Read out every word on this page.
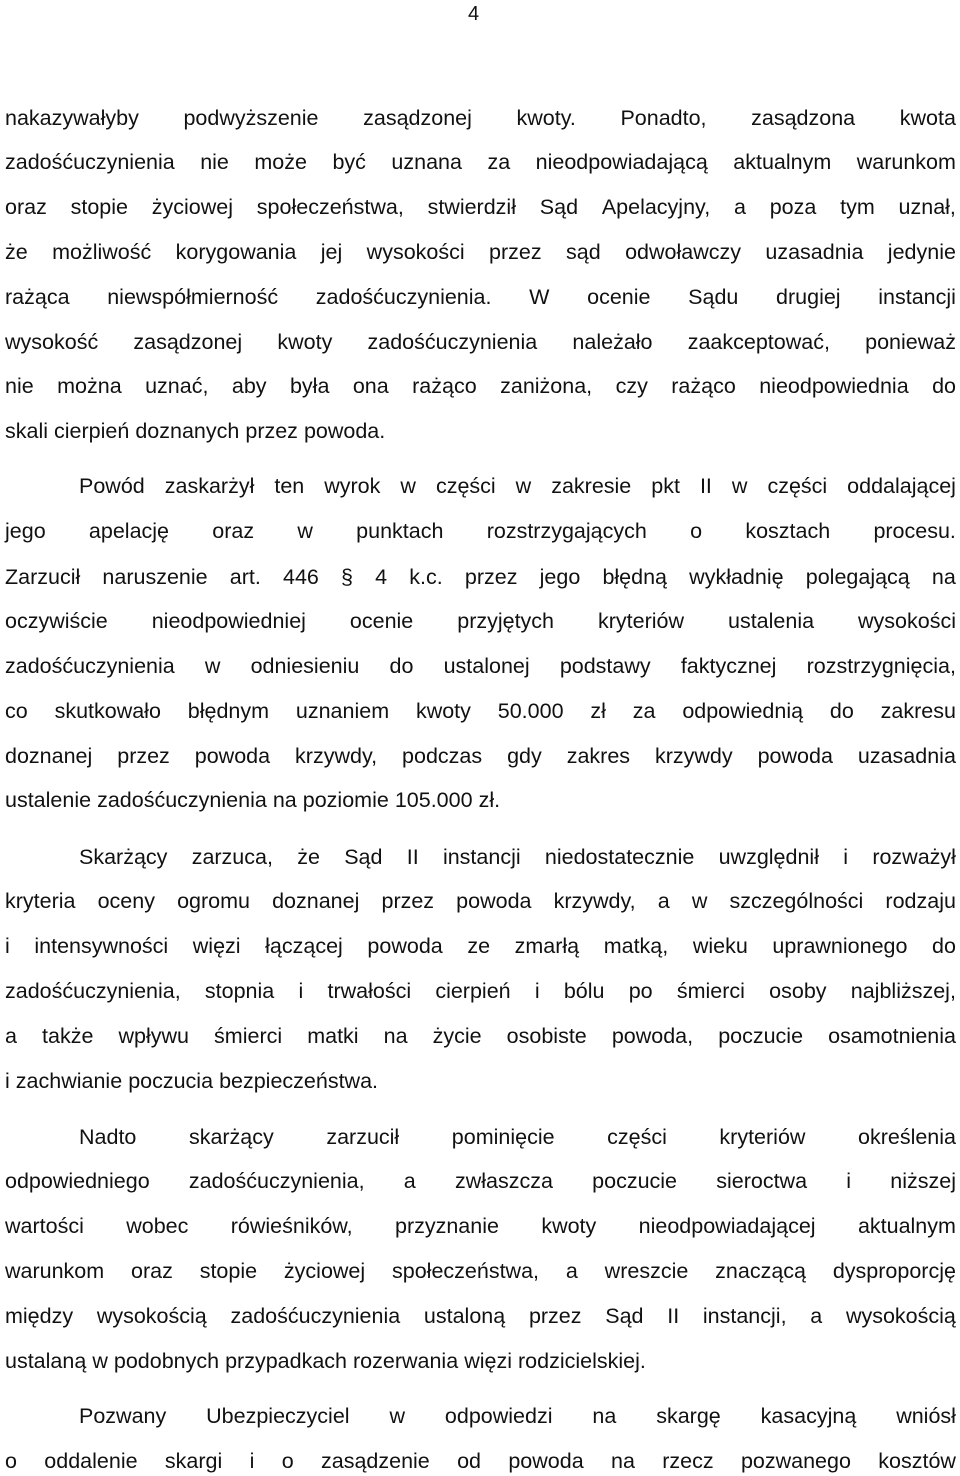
4
nakazywałyby podwyższenie zasądzonej kwoty. Ponadto, zasądzona kwota
zadośćuczynienia nie może być uznana za nieodpowiadającą aktualnym warunkom
oraz stopie życiowej społeczeństwa, stwierdził Sąd Apelacyjny, a poza tym uznał,
że możliwość korygowania jej wysokości przez sąd odwoławczy uzasadnia jedynie
rażąca niewspółmierność zadośćuczynienia. W ocenie Sądu drugiej instancji
wysokość zasądzonej kwoty zadośćuczynienia należało zaakceptować, ponieważ
nie można uznać, aby była ona rażąco zaniżona, czy rażąco nieodpowiednia do
skali cierpień doznanych przez powoda.
Powód zaskarżył ten wyrok w części w zakresie pkt II w części oddalającej
jego apelację oraz w punktach rozstrzygających o kosztach procesu.
Zarzucił naruszenie art. 446 § 4 k.c. przez jego błędną wykładnię polegającą na
oczywiście nieodpowiedniej ocenie przyjętych kryteriów ustalenia wysokości
zadośćuczynienia w odniesieniu do ustalonej podstawy faktycznej rozstrzygnięcia,
co skutkowało błędnym uznaniem kwoty 50.000 zł za odpowiednią do zakresu
doznanej przez powoda krzywdy, podczas gdy zakres krzywdy powoda uzasadnia
ustalenie zadośćuczynienia na poziomie 105.000 zł.
Skarżący zarzuca, że Sąd II instancji niedostatecznie uwzględnił i rozważył
kryteria oceny ogromu doznanej przez powoda krzywdy, a w szczególności rodzaju
i intensywności więzi łączącej powoda ze zmarłą matką, wieku uprawnionego do
zadośćuczynienia, stopnia i trwałości cierpień i bólu po śmierci osoby najbliższej,
a także wpływu śmierci matki na życie osobiste powoda, poczucie osamotnienia
i zachwianie poczucia bezpieczeństwa.
Nadto skarżący zarzucił pominięcie części kryteriów określenia
odpowiedniego zadośćuczynienia, a zwłaszcza poczucie sieroctwa i niższej
wartości wobec rówieśników, przyznanie kwoty nieodpowiadającej aktualnym
warunkom oraz stopie życiowej społeczeństwa, a wreszcie znaczącą dysproporcję
między wysokością zadośćuczynienia ustaloną przez Sąd II instancji, a wysokością
ustalaną w podobnych przypadkach rozerwania więzi rodzicielskiej.
Pozwany Ubezpieczyciel w odpowiedzi na skargę kasacyjną wniósł
o oddalenie skargi i o zasądzenie od powoda na rzecz pozwanego kosztów
